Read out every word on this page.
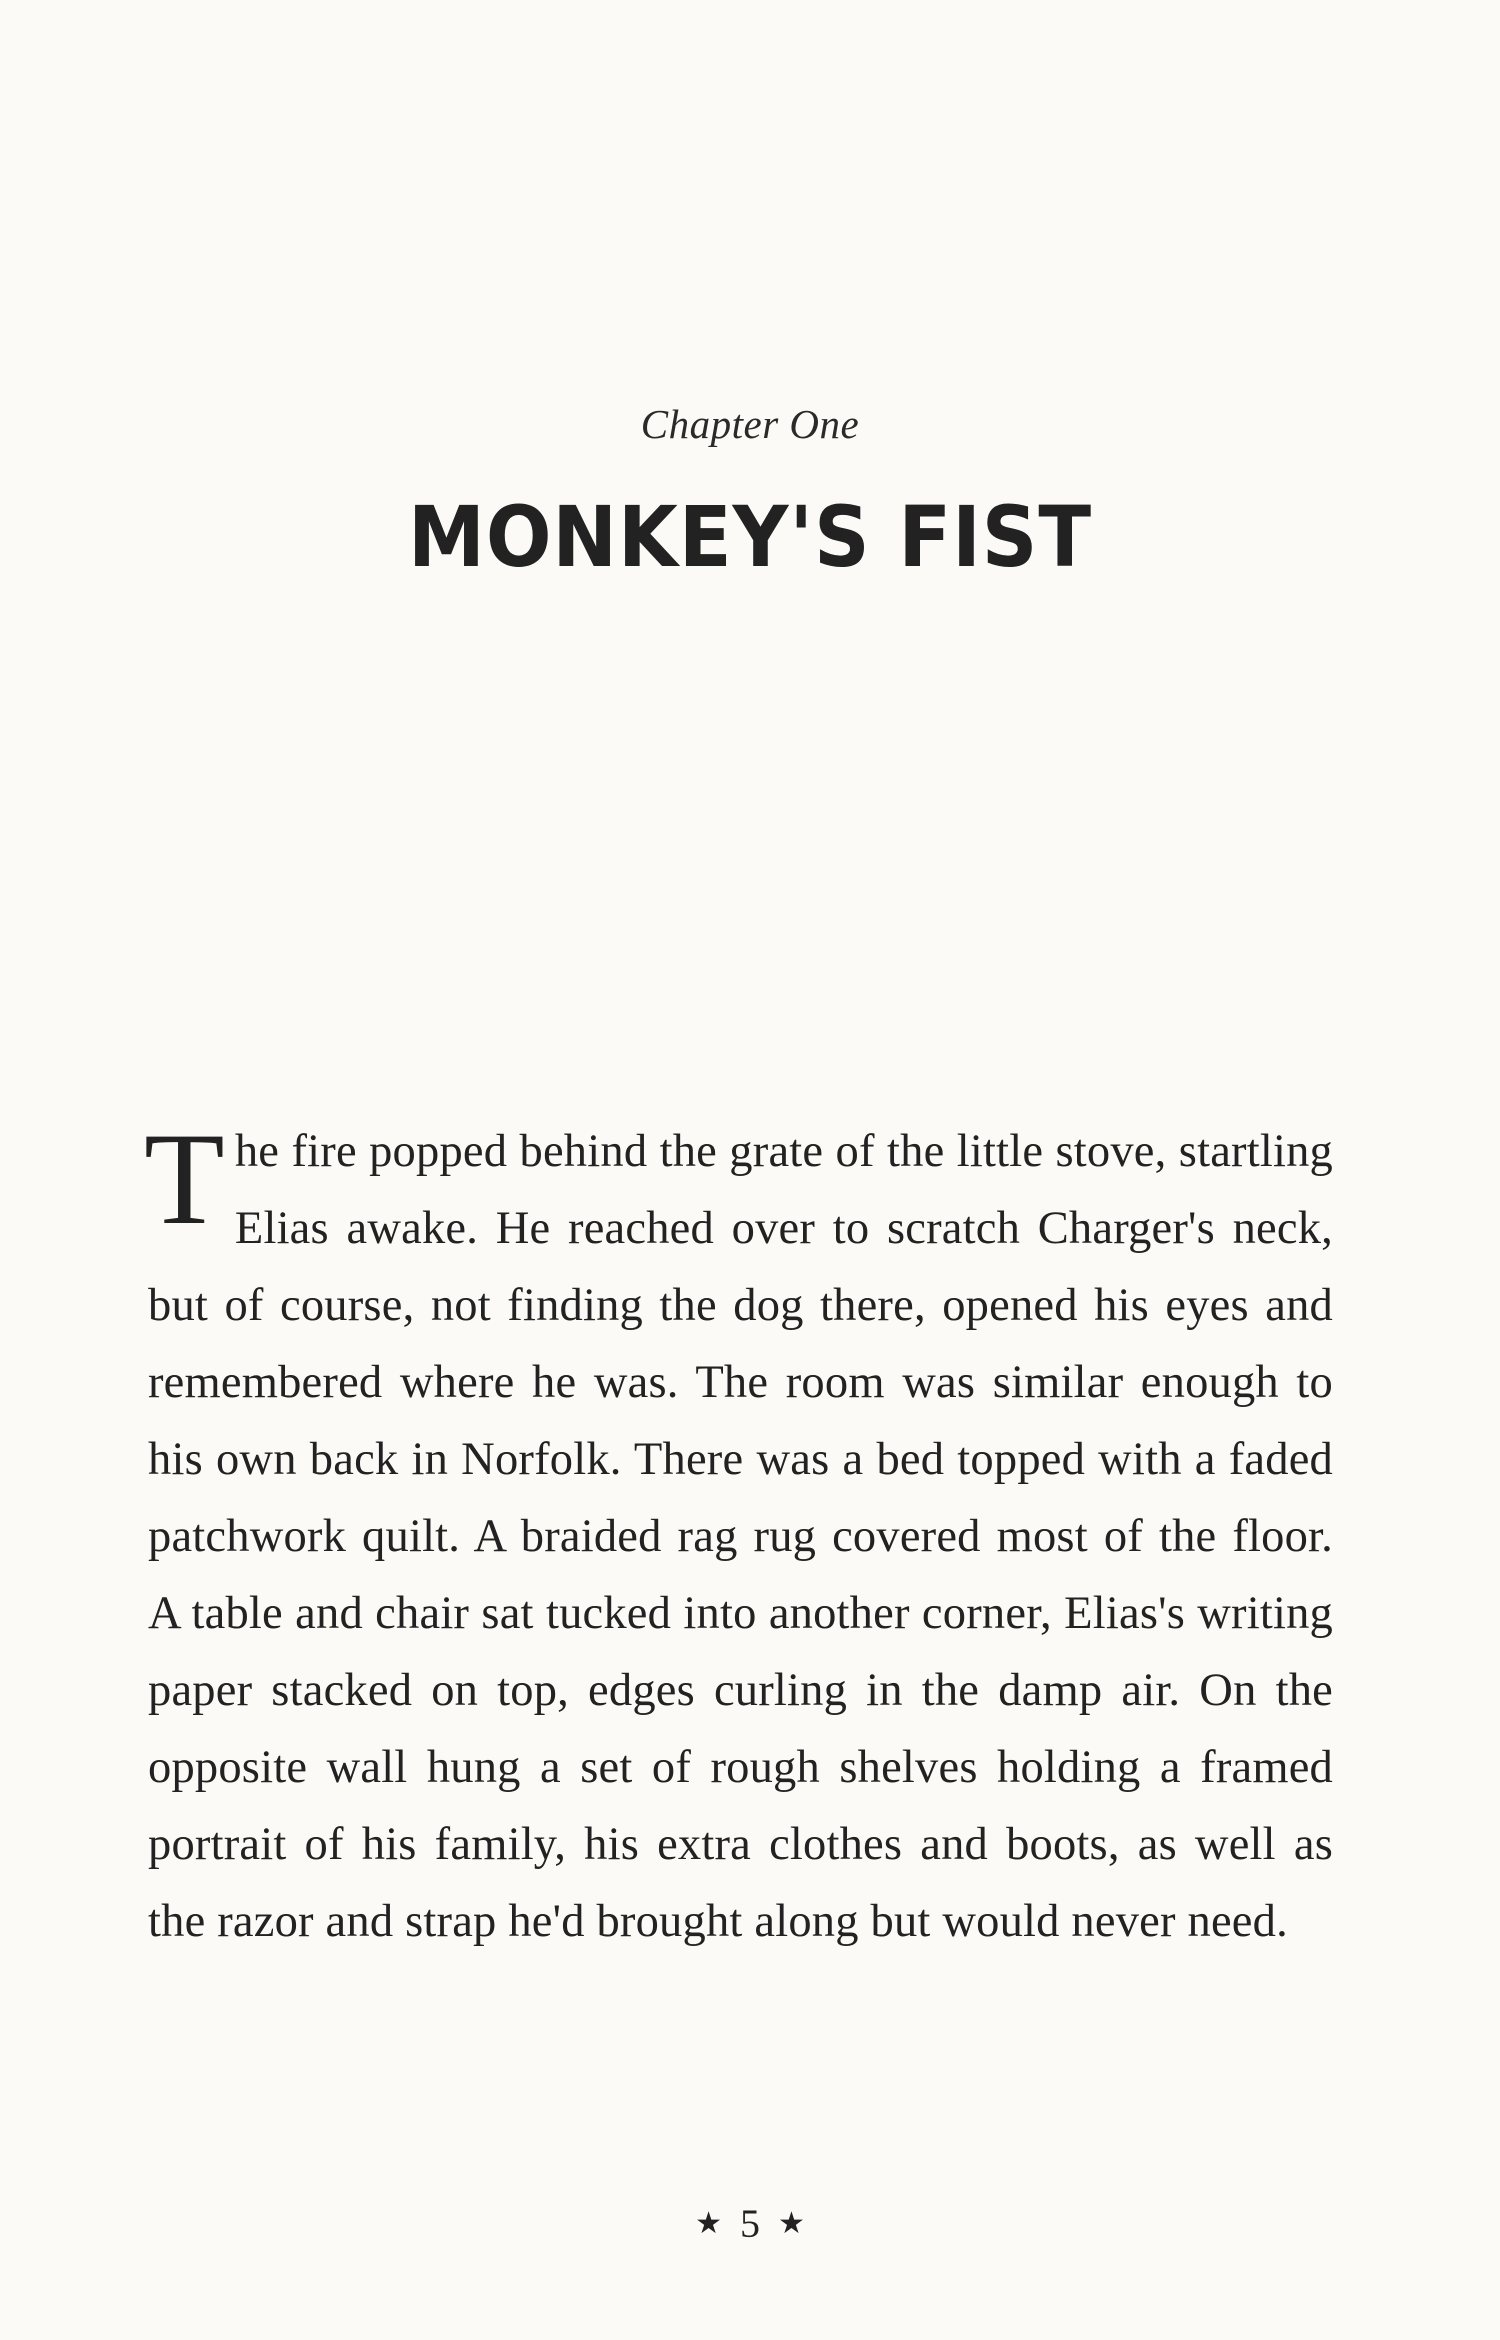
Chapter One
MONKEY'S FIST
The fire popped behind the grate of the little stove, startling Elias awake. He reached over to scratch Charger's neck, but of course, not finding the dog there, opened his eyes and remembered where he was. The room was similar enough to his own back in Norfolk. There was a bed topped with a faded patchwork quilt. A braided rag rug covered most of the floor. A table and chair sat tucked into another corner, Elias's writing paper stacked on top, edges curling in the damp air. On the opposite wall hung a set of rough shelves holding a framed portrait of his family, his extra clothes and boots, as well as the razor and strap he'd brought along but would never need.
★ 5 ★
